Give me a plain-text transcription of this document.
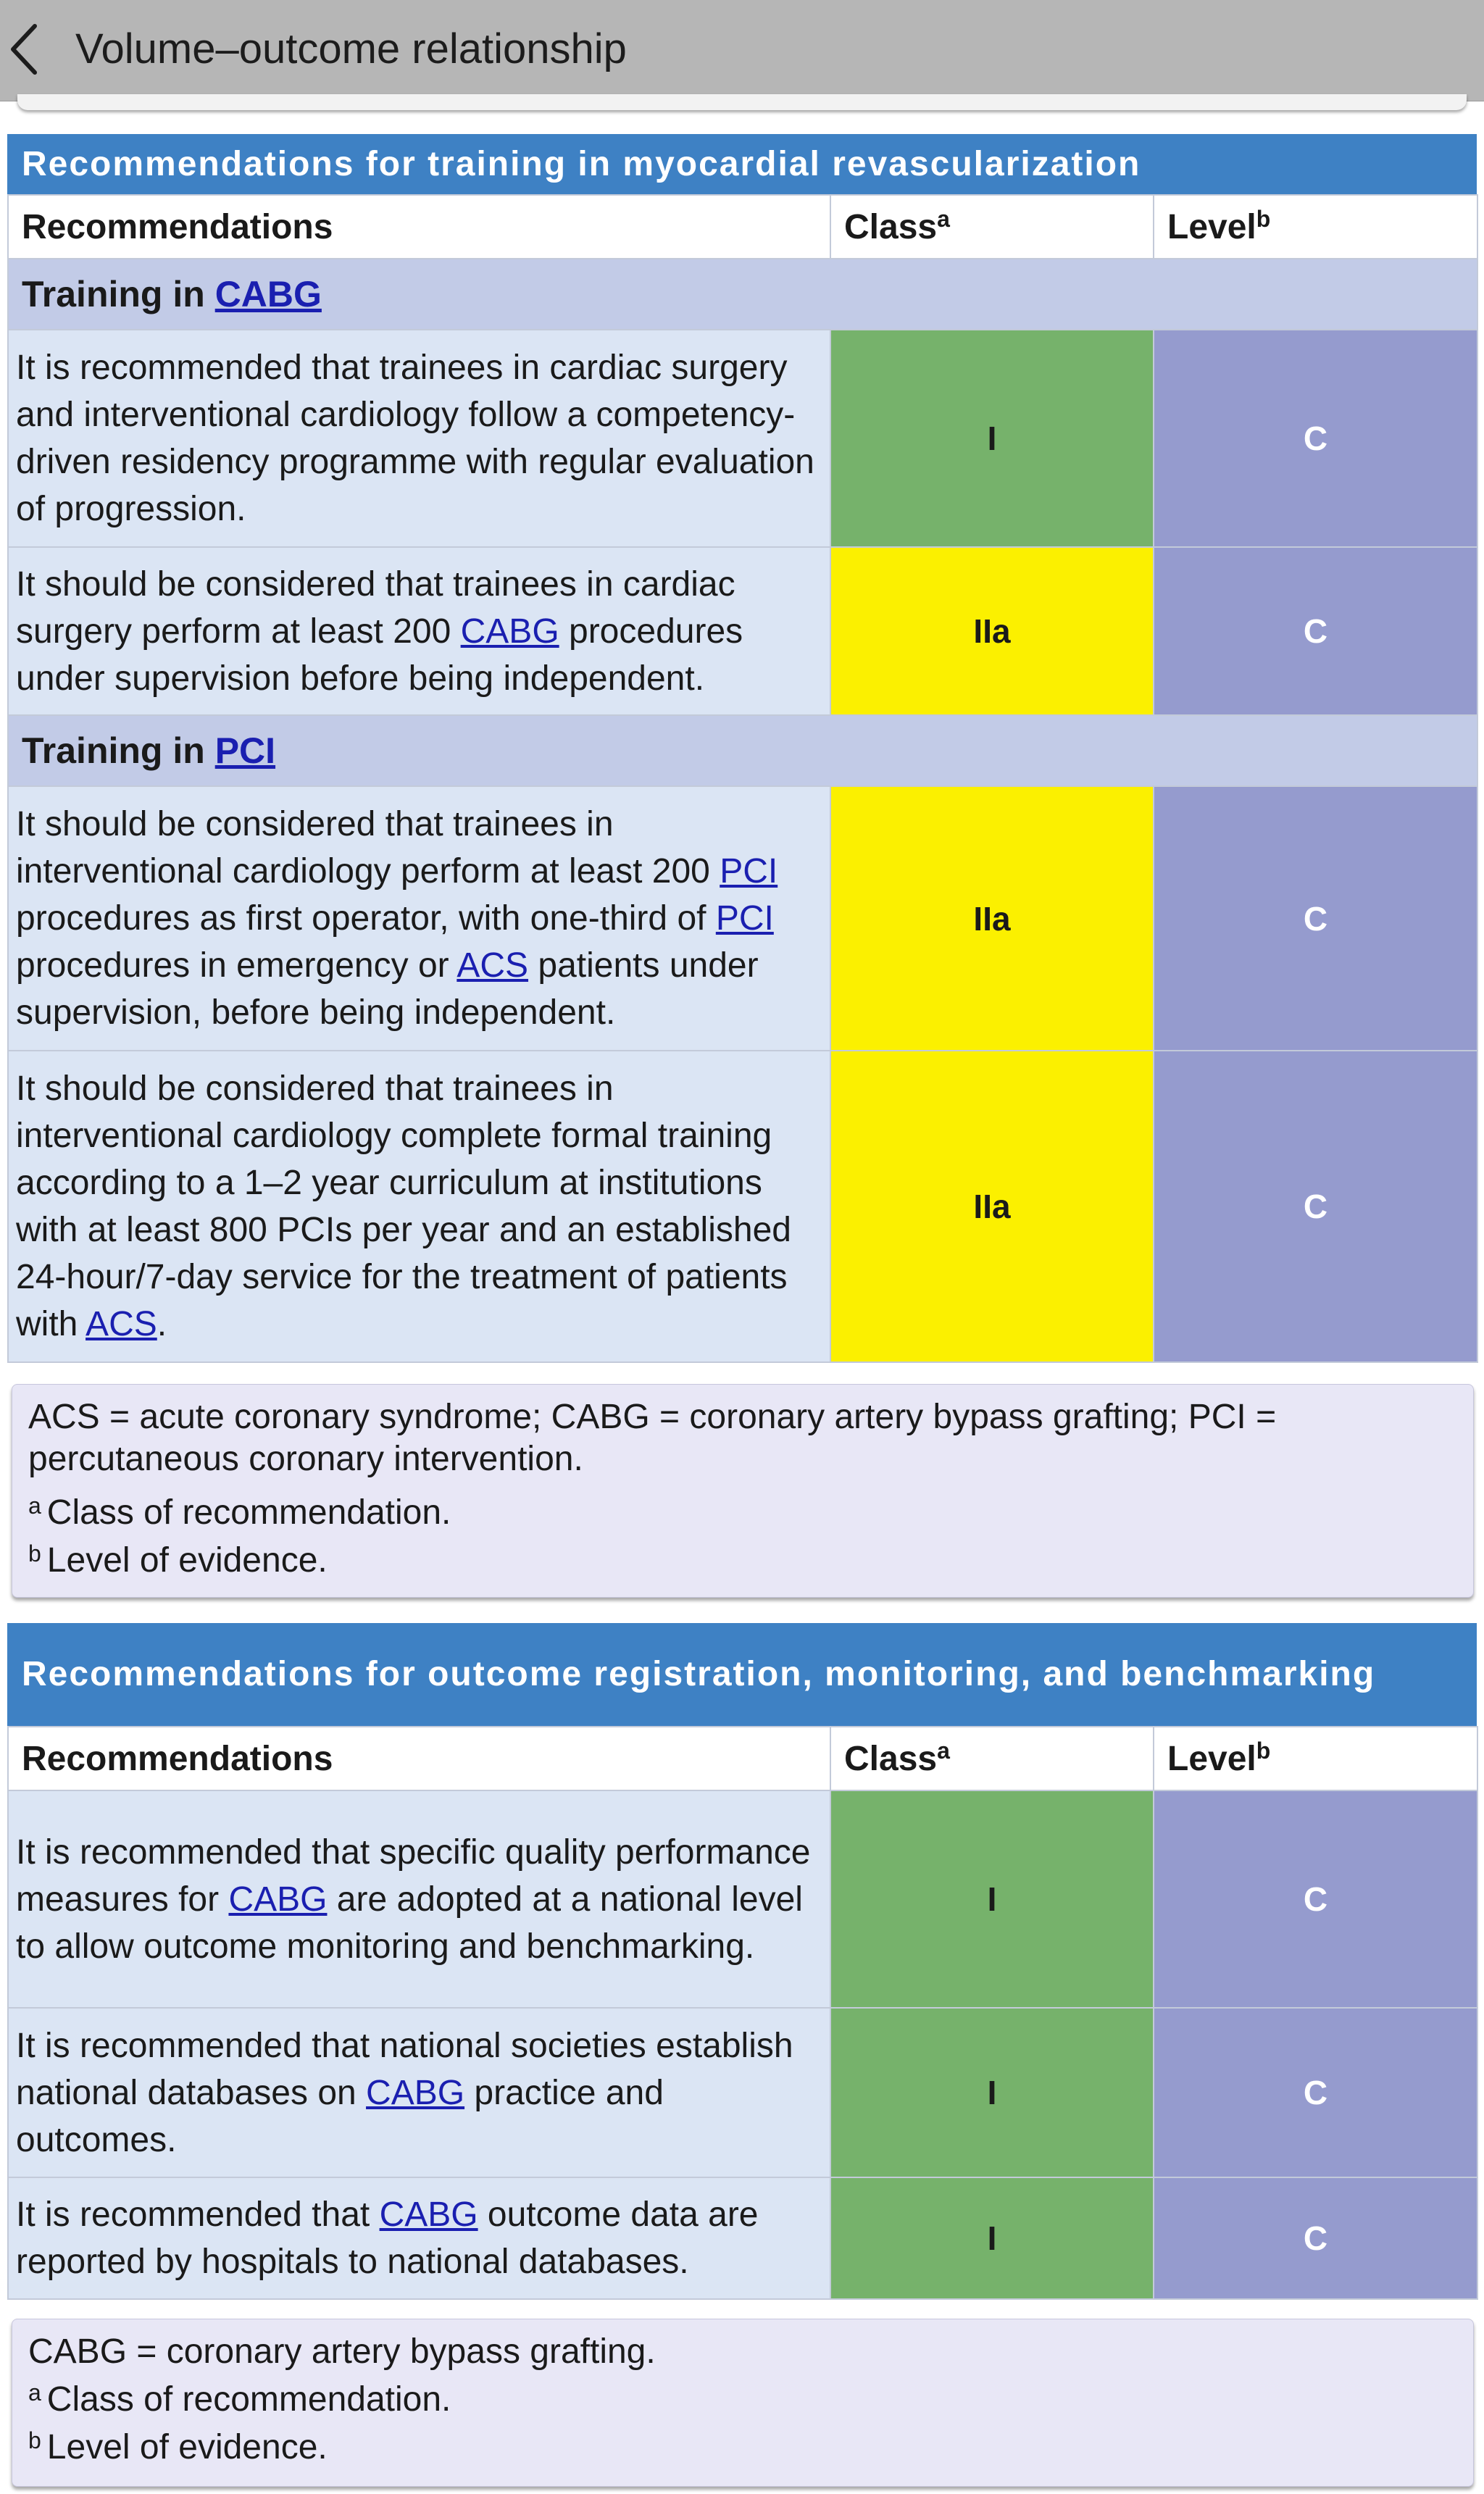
Volume–outcome relationship
Recommendations for training in myocardial revascularization
Recommendations	Class$^a$	Level$^b$
Training in CABG		
It is recommended that trainees in cardiac surgery and interventional cardiology follow a competency-driven residency programme with regular evaluation of progression.	I	C
It should be considered that trainees in cardiac surgery perform at least 200 CABG procedures under supervision before being independent.	IIa	C
Training in PCI		
It should be considered that trainees in interventional cardiology perform at least 200 PCI procedures as first operator, with one-third of PCI procedures in emergency or ACS patients under supervision, before being independent.	IIa	C
It should be considered that trainees in interventional cardiology complete formal training according to a 1–2 year curriculum at institutions with at least 800 PCIs per year and an established 24-hour/7-day service for the treatment of patients with ACS.	IIa	C

ACS = acute coronary syndrome; CABG = coronary artery bypass grafting; PCI = percutaneous coronary intervention.

$^a$ Class of recommendation.

$^b$ Level of evidence.

Recommendations for outcome registration, monitoring, and benchmarking
Recommendations	Class$^a$	Level$^b$
It is recommended that specific quality performance measures for CABG are adopted at a national level to allow outcome monitoring and benchmarking.	I	C
It is recommended that national societies establish national databases on CABG practice and outcomes.	I	C
It is recommended that CABG outcome data are reported by hospitals to national databases.	I	C

CABG = coronary artery bypass grafting.

$^a$ Class of recommendation.

$^b$ Level of evidence.
